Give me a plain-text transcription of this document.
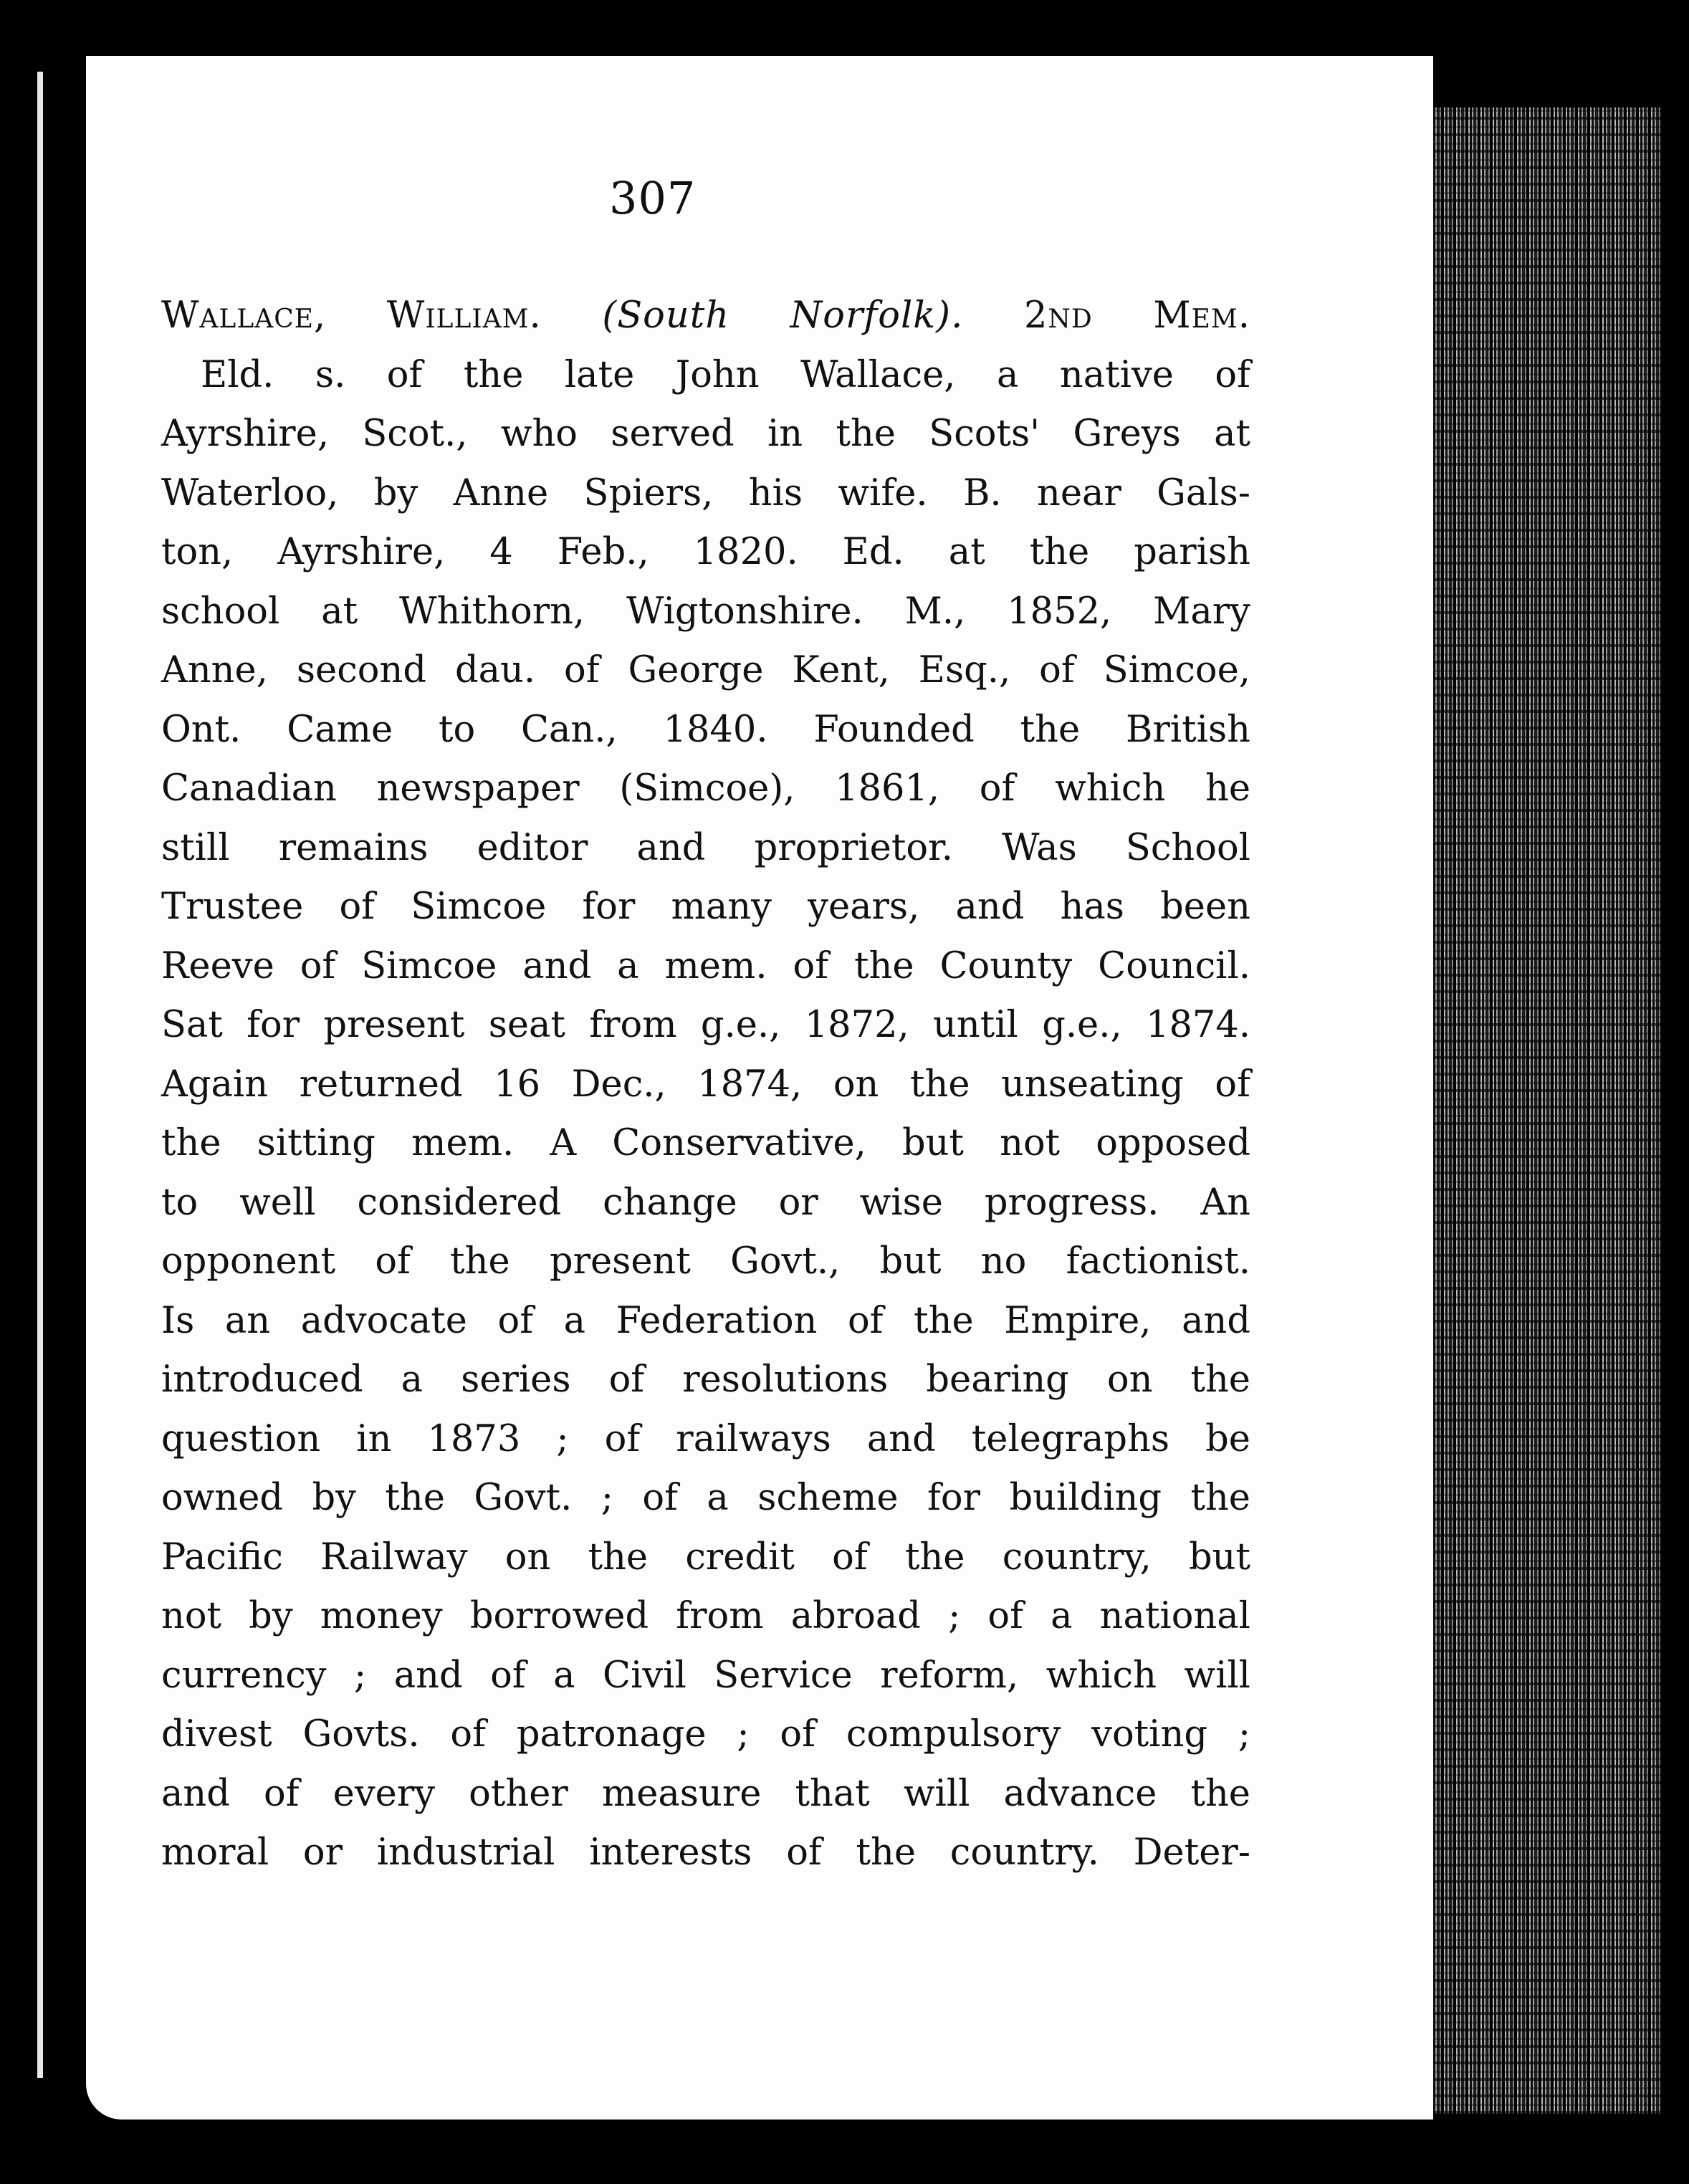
307
Wallace, William. (South Norfolk). 2nd Mem.
Eld. s. of the late John Wallace, a native of
Ayrshire, Scot., who served in the Scots' Greys at
Waterloo, by Anne Spiers, his wife. B. near Gals-
ton, Ayrshire, 4 Feb., 1820. Ed. at the parish
school at Whithorn, Wigtonshire. M., 1852, Mary
Anne, second dau. of George Kent, Esq., of Simcoe,
Ont. Came to Can., 1840. Founded the British
Canadian newspaper (Simcoe), 1861, of which he
still remains editor and proprietor. Was School
Trustee of Simcoe for many years, and has been
Reeve of Simcoe and a mem. of the County Council.
Sat for present seat from g.e., 1872, until g.e., 1874.
Again returned 16 Dec., 1874, on the unseating of
the sitting mem. A Conservative, but not opposed
to well considered change or wise progress. An
opponent of the present Govt., but no factionist.
Is an advocate of a Federation of the Empire, and
introduced a series of resolutions bearing on the
question in 1873 ; of railways and telegraphs be
owned by the Govt. ; of a scheme for building the
Pacific Railway on the credit of the country, but
not by money borrowed from abroad ; of a national
currency ; and of a Civil Service reform, which will
divest Govts. of patronage ; of compulsory voting ;
and of every other measure that will advance the
moral or industrial interests of the country. Deter-
